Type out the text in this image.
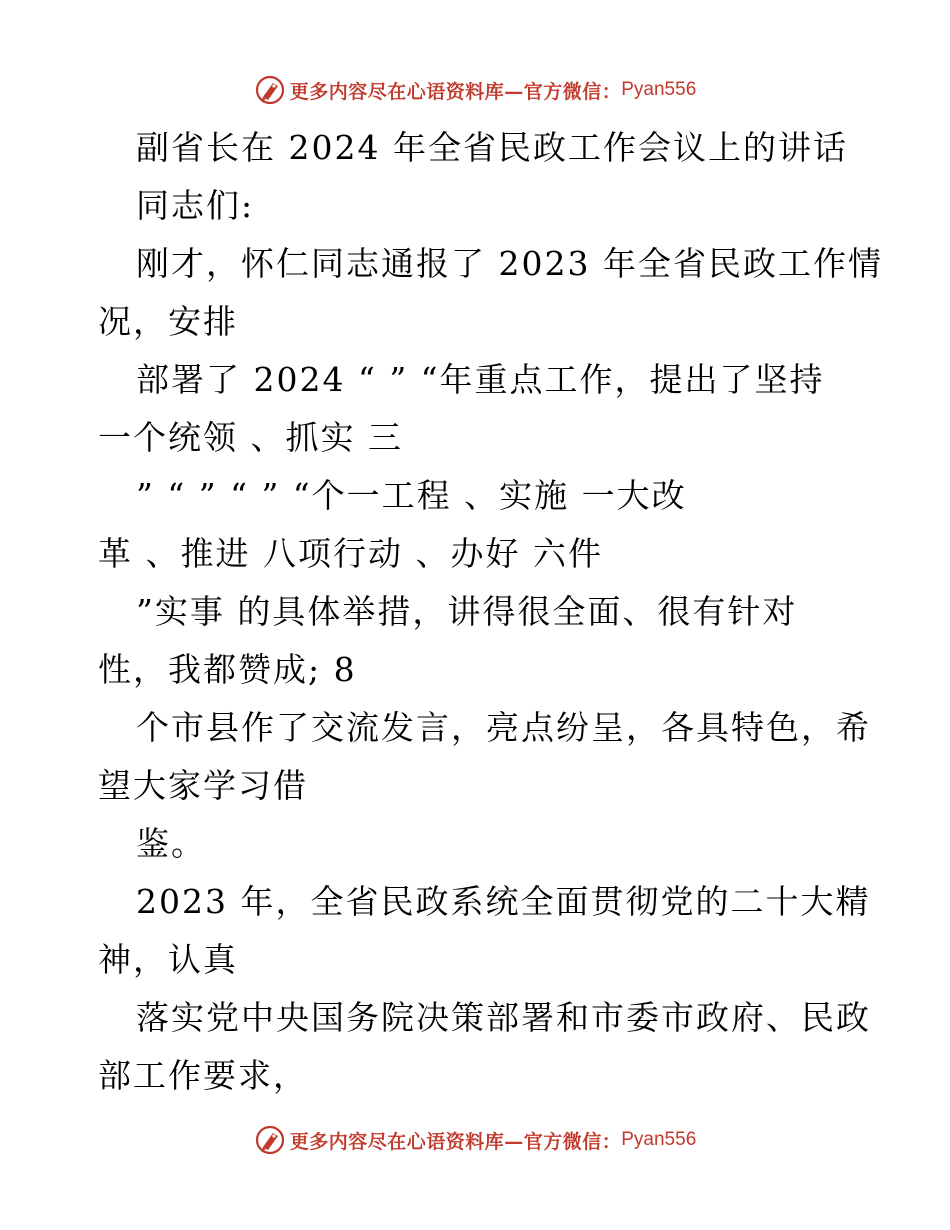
更多内容尽在心语资料库—官方微信： Pyan556
副省长在 2024 年全省民政工作会议上的讲话
同志们:
刚才，怀仁同志通报了 2023 年全省民政工作情
况，安排
部署了 2024 “ ” “年重点工作，提出了坚持
一个统领 、抓实 三
” “ ” “ ” “个一工程 、实施 一大改
革 、推进 八项行动 、办好 六件
”实事 的具体举措，讲得很全面、很有针对
性，我都赞成; 8
个市县作了交流发言，亮点纷呈，各具特色，希
望大家学习借
鉴。
2023 年，全省民政系统全面贯彻党的二十大精
神，认真
落实党中央国务院决策部署和市委市政府、民政
部工作要求，
更多内容尽在心语资料库—官方微信： Pyan556
